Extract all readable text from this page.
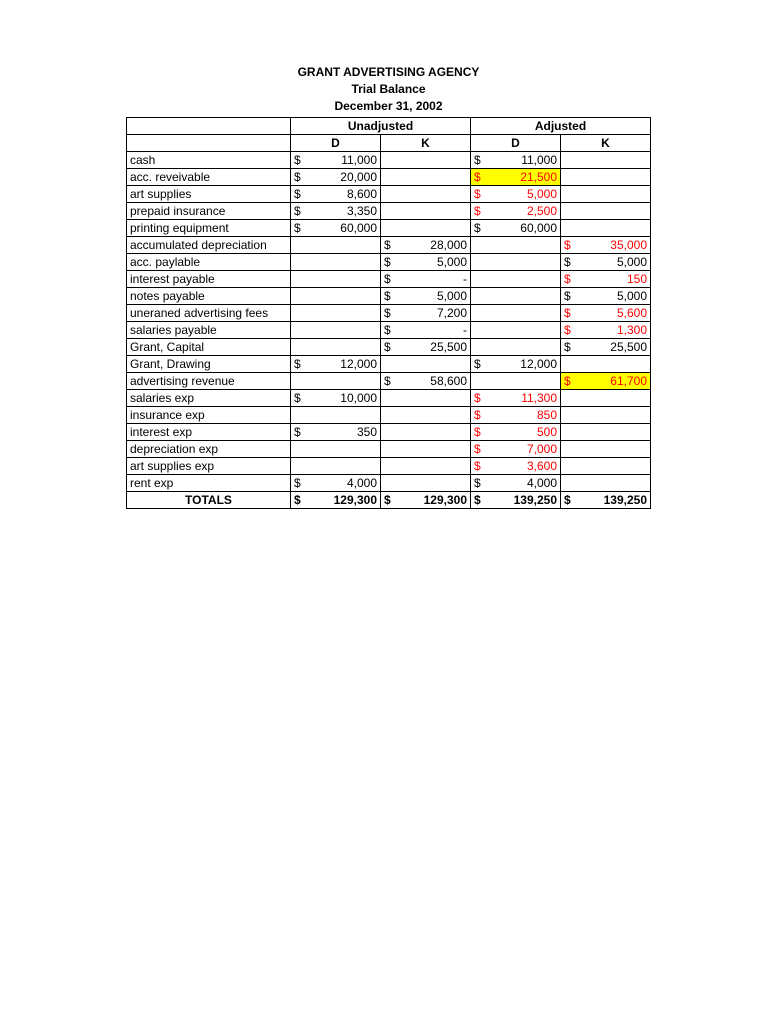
GRANT ADVERTISING AGENCY
Trial Balance
December 31, 2002
	Unadjusted				Adjusted			
	D		K		D		K	
cash	$	11,000			$	11,000		
acc. reveivable	$	20,000			$	21,500		
art supplies	$	8,600			$	5,000		
prepaid insurance	$	3,350			$	2,500		
printing equipment	$	60,000			$	60,000		
accumulated depreciation			$	28,000			$	35,000
acc. paylable			$	5,000			$	5,000
interest payable			$	-			$	150
notes payable			$	5,000			$	5,000
uneraned advertising fees			$	7,200			$	5,600
salaries payable			$	-			$	1,300
Grant, Capital			$	25,500			$	25,500
Grant, Drawing	$	12,000			$	12,000		
advertising revenue			$	58,600			$	61,700
salaries exp	$	10,000			$	11,300		
insurance exp					$	850		
interest exp	$	350			$	500		
depreciation exp					$	7,000		
art supplies exp					$	3,600		
rent exp	$	4,000			$	4,000		
TOTALS	$	129,300	$	129,300	$	139,250	$	139,250
